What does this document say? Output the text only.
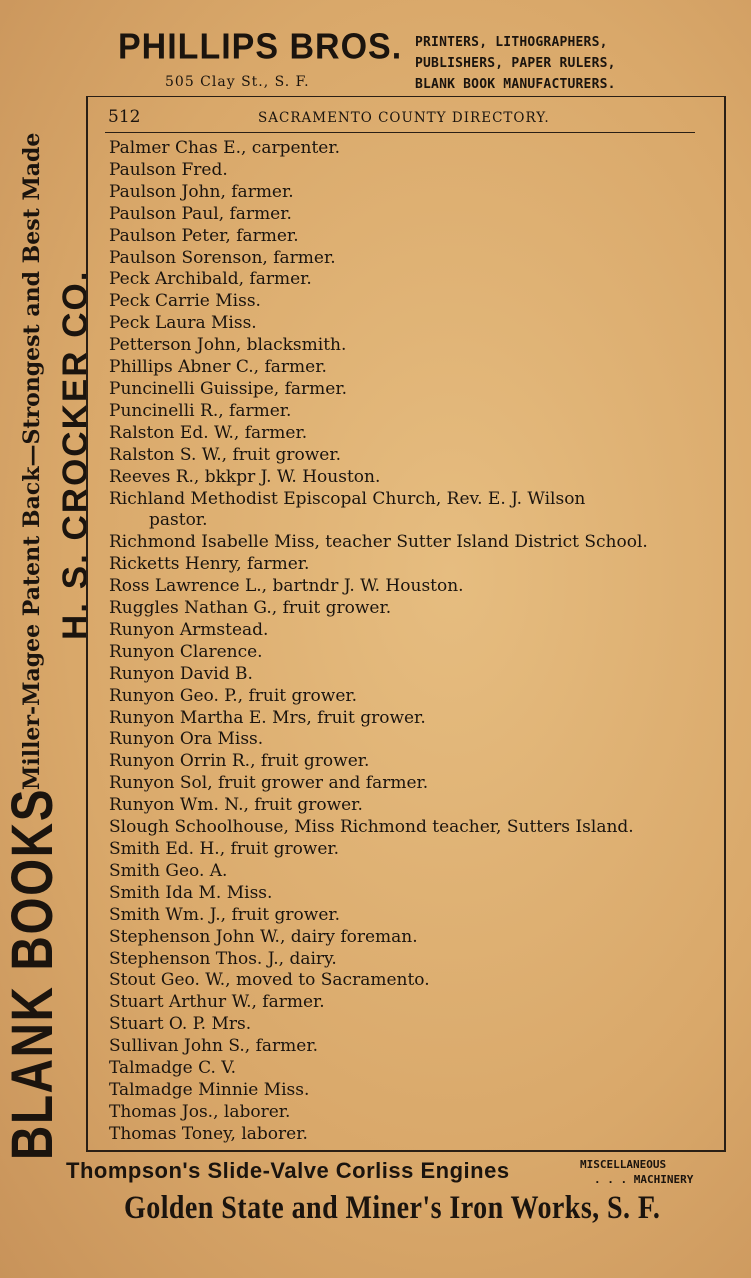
PHILLIPS BROS.
505 Clay St., S. F.
PRINTERS, LITHOGRAPHERS,
PUBLISHERS, PAPER RULERS,
BLANK BOOK MANUFACTURERS.
BLANK BOOKS
Miller-Magee Patent Back—Strongest and Best Made H. S. CROCKER CO.
512	SACRAMENTO COUNTY DIRECTORY.
Palmer Chas E., carpenter.
Paulson Fred.
Paulson John, farmer.
Paulson Paul, farmer.
Paulson Peter, farmer.
Paulson Sorenson, farmer.
Peck Archibald, farmer.
Peck Carrie Miss.
Peck Laura Miss.
Petterson John, blacksmith.
Phillips Abner C., farmer.
Puncinelli Guissipe, farmer.
Puncinelli R., farmer.
Ralston Ed. W., farmer.
Ralston S. W., fruit grower.
Reeves R., bkkpr J. W. Houston.
Richland Methodist Episcopal Church, Rev. E. J. Wilson
pastor.
Richmond Isabelle Miss, teacher Sutter Island District School.
Ricketts Henry, farmer.
Ross Lawrence L., bartndr J. W. Houston.
Ruggles Nathan G., fruit grower.
Runyon Armstead.
Runyon Clarence.
Runyon David B.
Runyon Geo. P., fruit grower.
Runyon Martha E. Mrs, fruit grower.
Runyon Ora Miss.
Runyon Orrin R., fruit grower.
Runyon Sol, fruit grower and farmer.
Runyon Wm. N., fruit grower.
Slough Schoolhouse, Miss Richmond teacher, Sutters Island.
Smith Ed. H., fruit grower.
Smith Geo. A.
Smith Ida M. Miss.
Smith Wm. J., fruit grower.
Stephenson John W., dairy foreman.
Stephenson Thos. J., dairy.
Stout Geo. W., moved to Sacramento.
Stuart Arthur W., farmer.
Stuart O. P. Mrs.
Sullivan John S., farmer.
Talmadge C. V.
Talmadge Minnie Miss.
Thomas Jos., laborer.
Thomas Toney, laborer.
Thompson's Slide-Valve Corliss Engines	MISCELLANEOUS
. . . MACHINERY
Golden State and Miner's Iron Works, S. F.
